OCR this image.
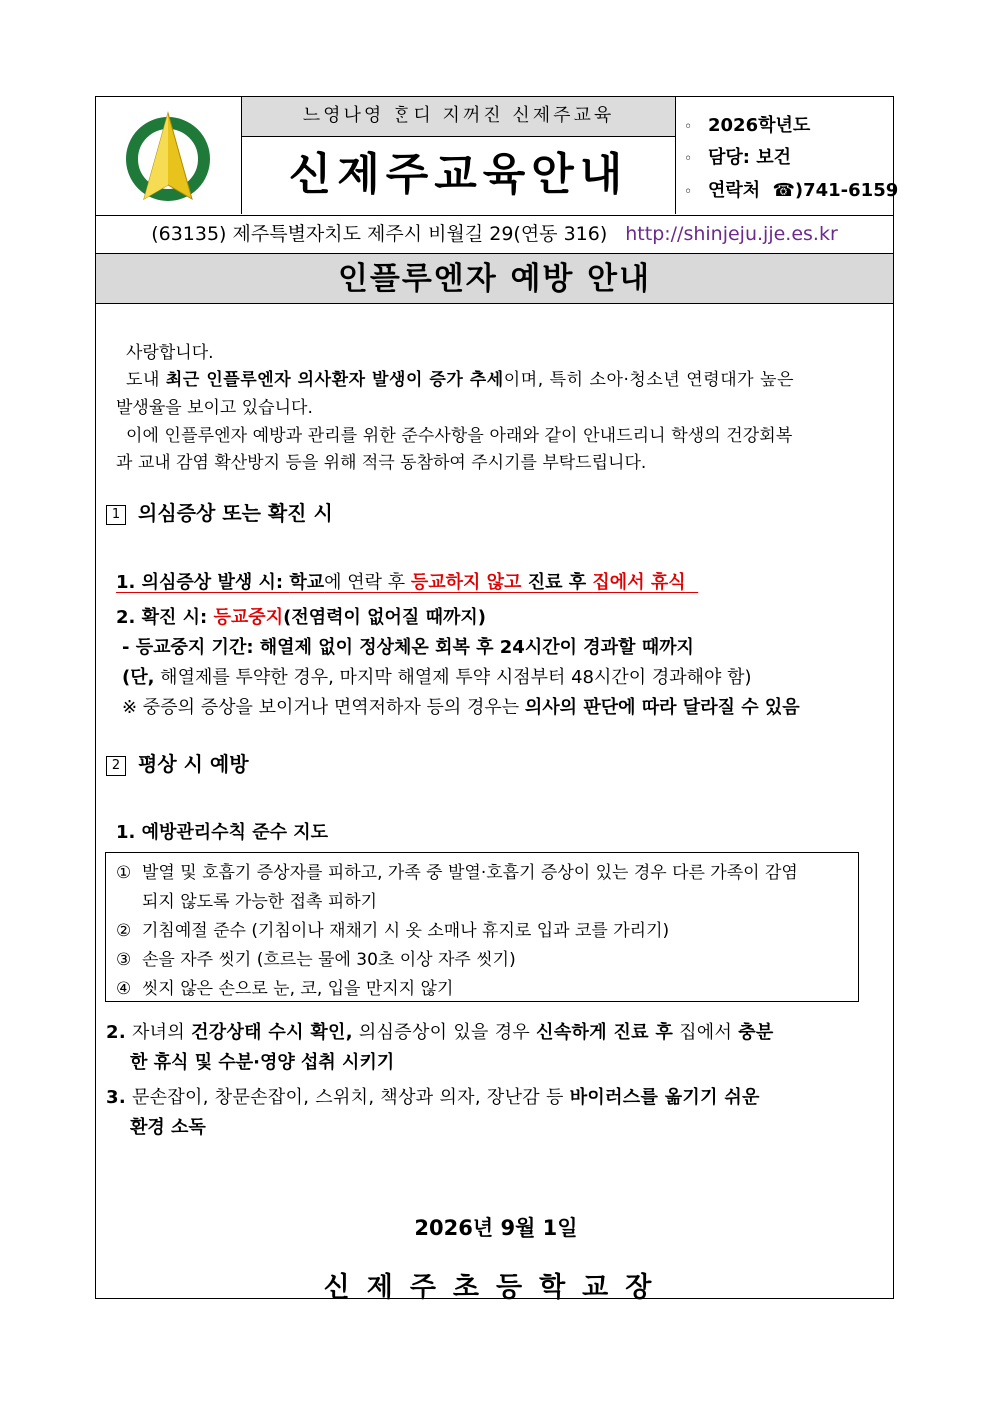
느영나영 ᄒᆞᆫ디 지꺼진 신제주교육
신제주교육안내
◦ 2026학년도
◦ 담당: 보건
◦ 연락처 ☎)741-6159
(63135) 제주특별자치도 제주시 비월길 29(연동 316) http://shinjeju.jje.es.kr
인플루엔자 예방 안내
사랑합니다.
도내 최근 인플루엔자 의사환자 발생이 증가 추세이며, 특히 소아·청소년 연령대가 높은
발생율을 보이고 있습니다.
이에 인플루엔자 예방과 관리를 위한 준수사항을 아래와 같이 안내드리니 학생의 건강회복
과 교내 감염 확산방지 등을 위해 적극 동참하여 주시기를 부탁드립니다.
1 의심증상 또는 확진 시
1. 의심증상 발생 시: 학교에 연락 후 등교하지 않고 진료 후 집에서 휴식
2. 확진 시: 등교중지(전염력이 없어질 때까지)
- 등교중지 기간: 해열제 없이 정상체온 회복 후 24시간이 경과할 때까지
(단, 해열제를 투약한 경우, 마지막 해열제 투약 시점부터 48시간이 경과해야 함)
※ 중증의 증상을 보이거나 면역저하자 등의 경우는 의사의 판단에 따라 달라질 수 있음
2 평상 시 예방
1. 예방관리수칙 준수 지도
① 발열 및 호흡기 증상자를 피하고, 가족 중 발열·호흡기 증상이 있는 경우 다른 가족이 감염
되지 않도록 가능한 접촉 피하기
② 기침예절 준수 (기침이나 재채기 시 옷 소매나 휴지로 입과 코를 가리기)
③ 손을 자주 씻기 (흐르는 물에 30초 이상 자주 씻기)
④ 씻지 않은 손으로 눈, 코, 입을 만지지 않기
2. 자녀의 건강상태 수시 확인, 의심증상이 있을 경우 신속하게 진료 후 집에서 충분
한 휴식 및 수분·영양 섭취 시키기
3. 문손잡이, 창문손잡이, 스위치, 책상과 의자, 장난감 등 바이러스를 옮기기 쉬운
환경 소독
2026년 9월 1일
신제주초등학교장
